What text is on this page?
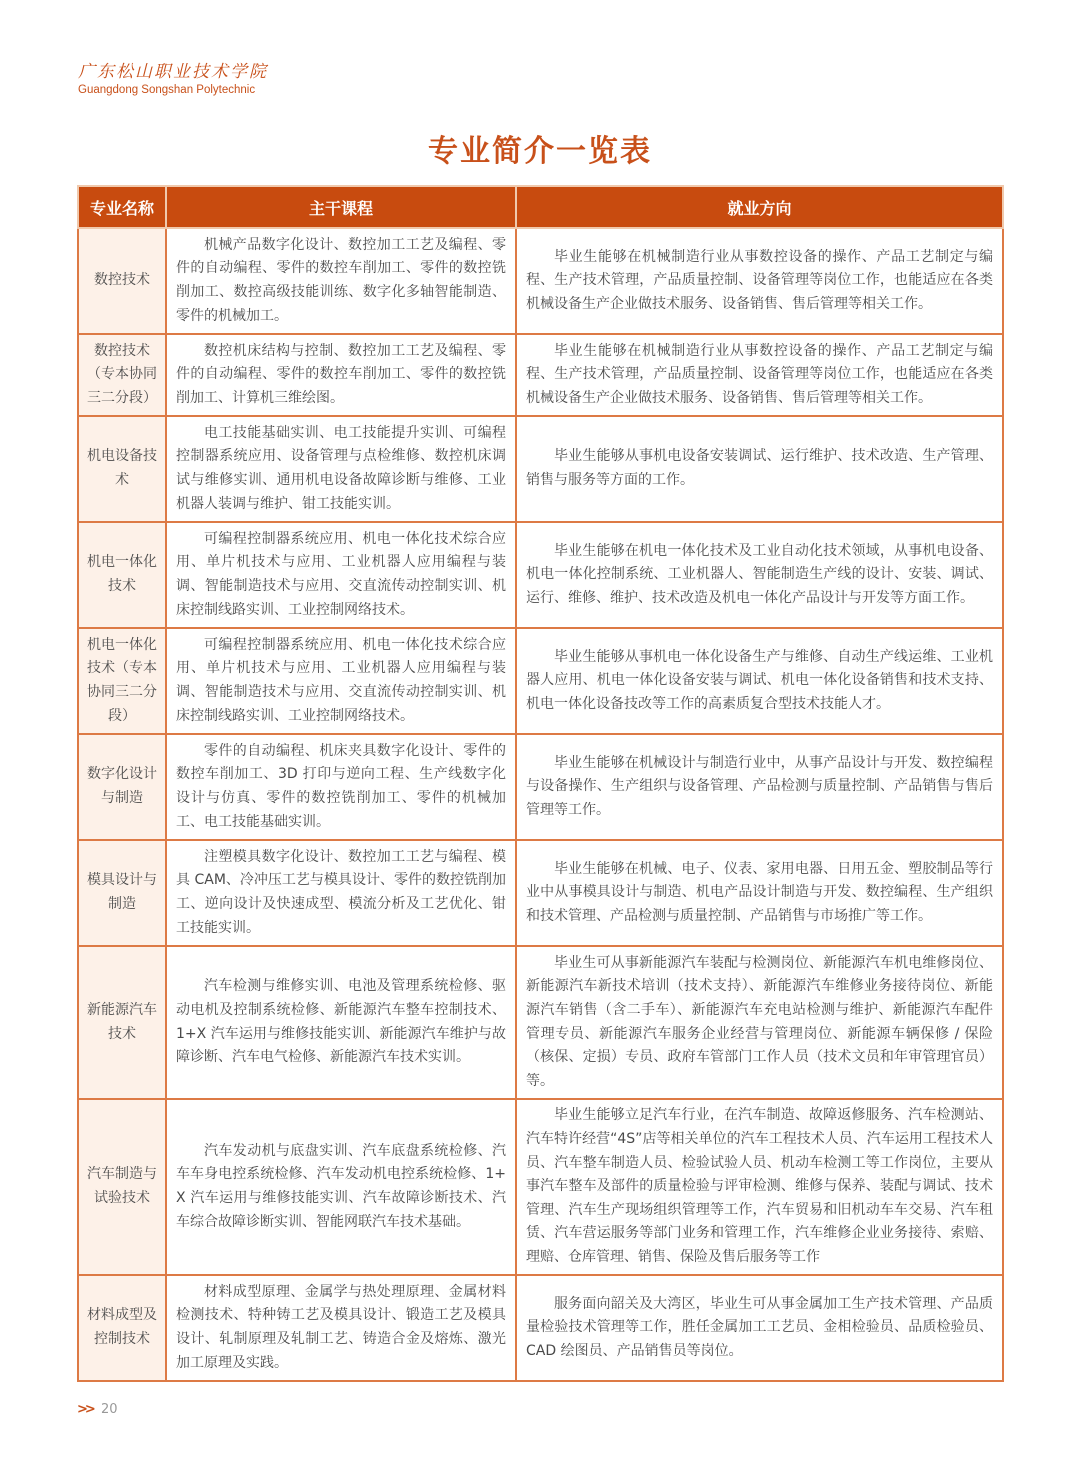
广东松山职业技术学院
Guangdong Songshan Polytechnic
专业简介一览表
专业名称	主干课程	就业方向
数控技术	机械产品数字化设计、数控加工工艺及编程、零件的自动编程、零件的数控车削加工、零件的数控铣削加工、数控高级技能训练、数字化多轴智能制造、零件的机械加工。	毕业生能够在机械制造行业从事数控设备的操作、产品工艺制定与编程、生产技术管理，产品质量控制、设备管理等岗位工作，也能适应在各类机械设备生产企业做技术服务、设备销售、售后管理等相关工作。
数控技术（专本协同三二分段）	数控机床结构与控制、数控加工工艺及编程、零件的自动编程、零件的数控车削加工、零件的数控铣削加工、计算机三维绘图。	毕业生能够在机械制造行业从事数控设备的操作、产品工艺制定与编程、生产技术管理，产品质量控制、设备管理等岗位工作，也能适应在各类机械设备生产企业做技术服务、设备销售、售后管理等相关工作。
机电设备技术	电工技能基础实训、电工技能提升实训、可编程控制器系统应用、设备管理与点检维修、数控机床调试与维修实训、通用机电设备故障诊断与维修、工业机器人装调与维护、钳工技能实训。	毕业生能够从事机电设备安装调试、运行维护、技术改造、生产管理、销售与服务等方面的工作。
机电一体化技术	可编程控制器系统应用、机电一体化技术综合应用、单片机技术与应用、工业机器人应用编程与装调、智能制造技术与应用、交直流传动控制实训、机床控制线路实训、工业控制网络技术。	毕业生能够在机电一体化技术及工业自动化技术领域，从事机电设备、机电一体化控制系统、工业机器人、智能制造生产线的设计、安装、调试、运行、维修、维护、技术改造及机电一体化产品设计与开发等方面工作。
机电一体化技术（专本协同三二分段）	可编程控制器系统应用、机电一体化技术综合应用、单片机技术与应用、工业机器人应用编程与装调、智能制造技术与应用、交直流传动控制实训、机床控制线路实训、工业控制网络技术。	毕业生能够从事机电一体化设备生产与维修、自动生产线运维、工业机器人应用、机电一体化设备安装与调试、机电一体化设备销售和技术支持、机电一体化设备技改等工作的高素质复合型技术技能人才。
数字化设计与制造	零件的自动编程、机床夹具数字化设计、零件的数控车削加工、3D 打印与逆向工程、生产线数字化设计与仿真、零件的数控铣削加工、零件的机械加工、电工技能基础实训。	毕业生能够在机械设计与制造行业中，从事产品设计与开发、数控编程与设备操作、生产组织与设备管理、产品检测与质量控制、产品销售与售后管理等工作。
模具设计与制造	注塑模具数字化设计、数控加工工艺与编程、模具 CAM、冷冲压工艺与模具设计、零件的数控铣削加工、逆向设计及快速成型、模流分析及工艺优化、钳工技能实训。	毕业生能够在机械、电子、仪表、家用电器、日用五金、塑胶制品等行业中从事模具设计与制造、机电产品设计制造与开发、数控编程、生产组织和技术管理、产品检测与质量控制、产品销售与市场推广等工作。
新能源汽车技术	汽车检测与维修实训、电池及管理系统检修、驱动电机及控制系统检修、新能源汽车整车控制技术、1+X 汽车运用与维修技能实训、新能源汽车维护与故障诊断、汽车电气检修、新能源汽车技术实训。	毕业生可从事新能源汽车装配与检测岗位、新能源汽车机电维修岗位、新能源汽车新技术培训（技术支持）、新能源汽车维修业务接待岗位、新能源汽车销售（含二手车）、新能源汽车充电站检测与维护、新能源汽车配件管理专员、新能源汽车服务企业经营与管理岗位、新能源车辆保修 / 保险（核保、定损）专员、政府车管部门工作人员（技术文员和年审管理官员）等。
汽车制造与试验技术	汽车发动机与底盘实训、汽车底盘系统检修、汽车车身电控系统检修、汽车发动机电控系统检修、1+ X 汽车运用与维修技能实训、汽车故障诊断技术、汽车综合故障诊断实训、智能网联汽车技术基础。	毕业生能够立足汽车行业，在汽车制造、故障返修服务、汽车检测站、汽车特许经营“4S”店等相关单位的汽车工程技术人员、汽车运用工程技术人员、汽车整车制造人员、检验试验人员、机动车检测工等工作岗位，主要从事汽车整车及部件的质量检验与评审检测、维修与保养、装配与调试、技术管理、汽车生产现场组织管理等工作，汽车贸易和旧机动车车交易、汽车租赁、汽车营运服务等部门业务和管理工作，汽车维修企业业务接待、索赔、理赔、仓库管理、销售、保险及售后服务等工作
材料成型及控制技术	材料成型原理、金属学与热处理原理、金属材料检测技术、特种铸工艺及模具设计、锻造工艺及模具设计、轧制原理及轧制工艺、铸造合金及熔炼、激光加工原理及实践。	服务面向韶关及大湾区，毕业生可从事金属加工生产技术管理、产品质量检验技术管理等工作，胜任金属加工工艺员、金相检验员、品质检验员、CAD 绘图员、产品销售员等岗位。
>> 20
